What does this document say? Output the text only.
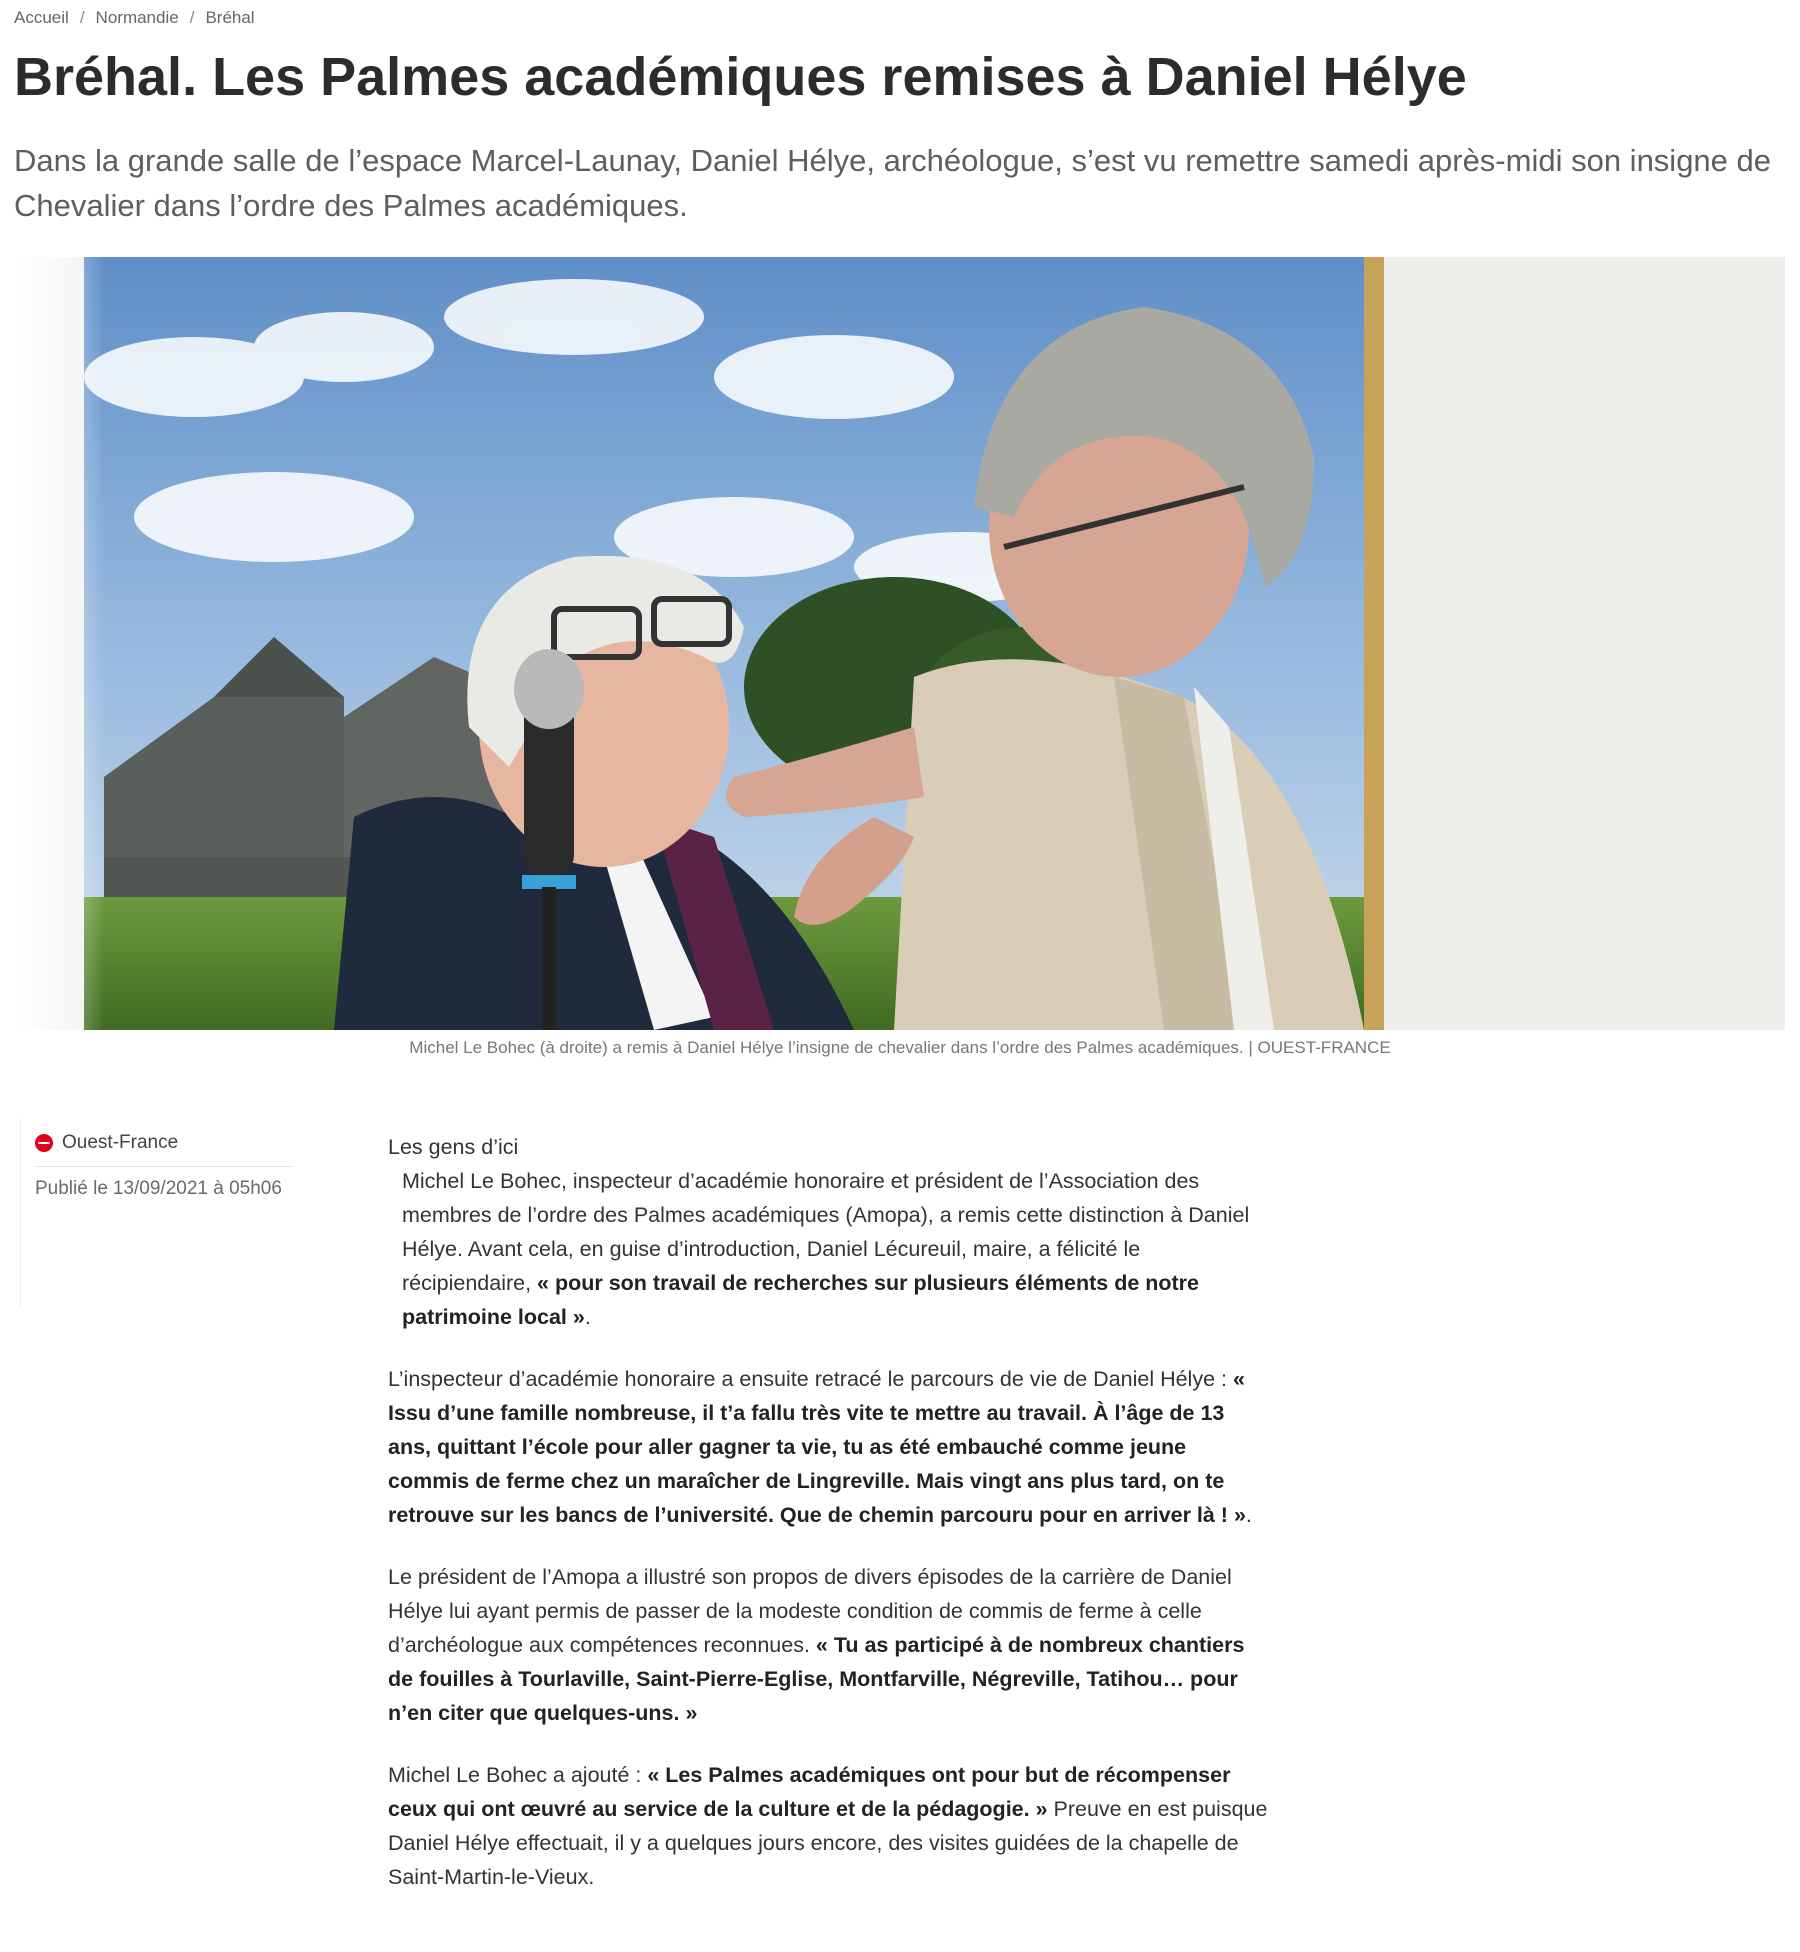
Accueil / Normandie / Bréhal
Bréhal. Les Palmes académiques remises à Daniel Hélye

Dans la grande salle de l’espace Marcel-Launay, Daniel Hélye, archéologue, s’est vu remettre samedi après-midi son insigne de Chevalier dans l’ordre des Palmes académiques.

Michel Le Bohec (à droite) a remis à Daniel Hélye l’insigne de chevalier dans l’ordre des Palmes académiques. | OUEST-FRANCE
Ouest-France
Publié le 13/09/2021 à 05h06

Les gens d’ici

Michel Le Bohec, inspecteur d’académie honoraire et président de l’Association des membres de l’ordre des Palmes académiques (Amopa), a remis cette distinction à Daniel Hélye. Avant cela, en guise d’introduction, Daniel Lécureuil, maire, a félicité le récipiendaire, « pour son travail de recherches sur plusieurs éléments de notre patrimoine local ».

L’inspecteur d’académie honoraire a ensuite retracé le parcours de vie de Daniel Hélye : « Issu d’une famille nombreuse, il t’a fallu très vite te mettre au travail. À l’âge de 13 ans, quittant l’école pour aller gagner ta vie, tu as été embauché comme jeune commis de ferme chez un maraîcher de Lingreville. Mais vingt ans plus tard, on te retrouve sur les bancs de l’université. Que de chemin parcouru pour en arriver là ! ».

Le président de l’Amopa a illustré son propos de divers épisodes de la carrière de Daniel Hélye lui ayant permis de passer de la modeste condition de commis de ferme à celle d’archéologue aux compétences reconnues. « Tu as participé à de nombreux chantiers de fouilles à Tourlaville, Saint-Pierre-Eglise, Montfarville, Négreville, Tatihou… pour n’en citer que quelques-uns. »

Michel Le Bohec a ajouté : « Les Palmes académiques ont pour but de récompenser ceux qui ont œuvré au service de la culture et de la pédagogie. » Preuve en est puisque Daniel Hélye effectuait, il y a quelques jours encore, des visites guidées de la chapelle de Saint-Martin-le-Vieux.
